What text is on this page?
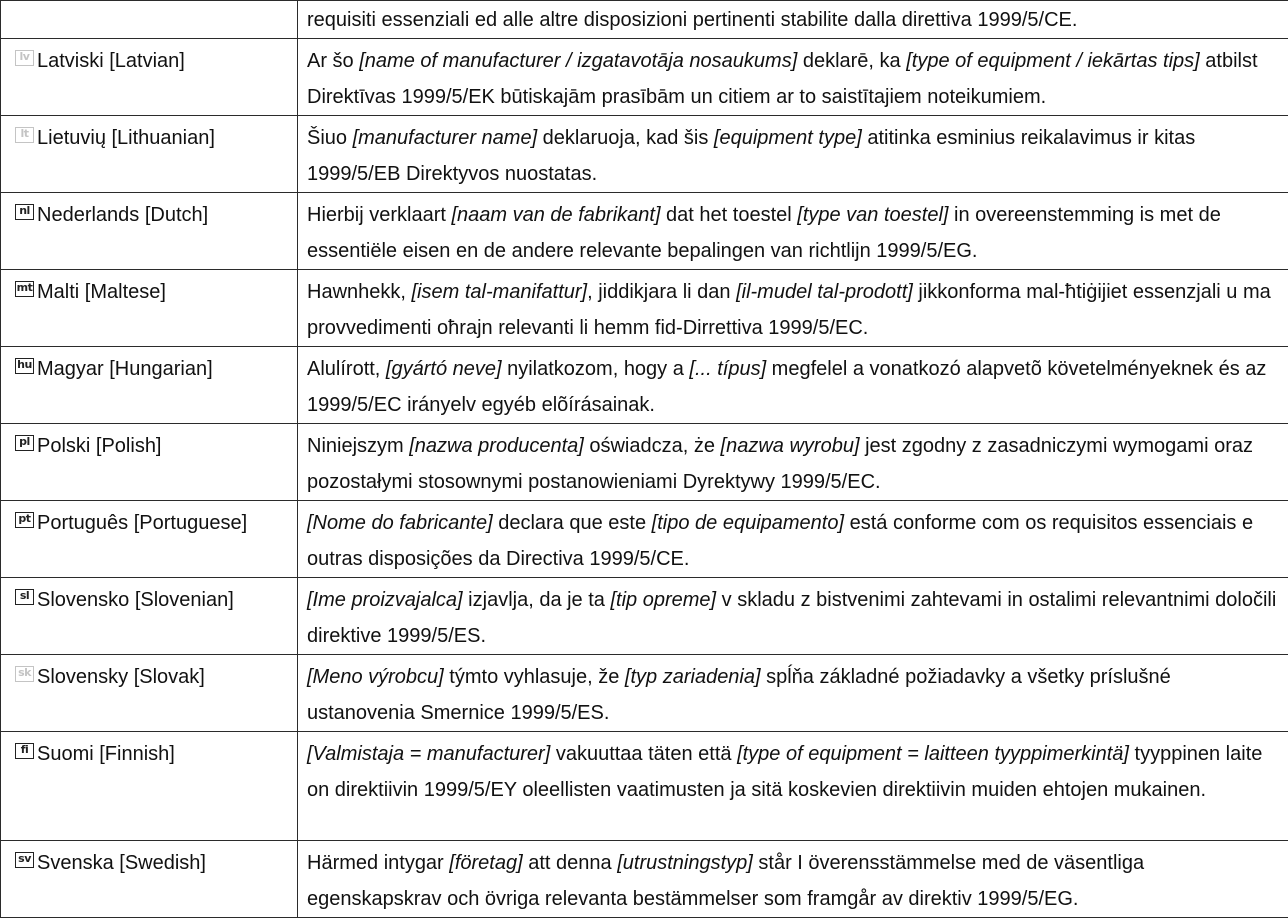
	requisiti essenziali ed alle altre disposizioni pertinenti stabilite dalla direttiva 1999/5/CE.
lv Latviski [Latvian]	Ar šo [name of manufacturer / izgatavotāja nosaukums] deklarē, ka [type of equipment / iekārtas tips] atbilst Direktīvas 1999/5/EK būtiskajām prasībām un citiem ar to saistītajiem noteikumiem.
lt Lietuvių [Lithuanian]	Šiuo [manufacturer name] deklaruoja, kad šis [equipment type] atitinka esminius reikalavimus ir kitas 1999/5/EB Direktyvos nuostatas.
nl Nederlands [Dutch]	Hierbij verklaart [naam van de fabrikant] dat het toestel [type van toestel] in overeenstemming is met de essentiële eisen en de andere relevante bepalingen van richtlijn 1999/5/EG.
mt Malti [Maltese]	Hawnhekk, [isem tal-manifattur], jiddikjara li dan [il-mudel tal-prodott] jikkonforma mal-ħtiġijiet essenzjali u ma provvedimenti oħrajn relevanti li hemm fid-Dirrettiva 1999/5/EC.
hu Magyar [Hungarian]	Alulírott, [gyártó neve] nyilatkozom, hogy a [... típus] megfelel a vonatkozó alapvetõ követelményeknek és az 1999/5/EC irányelv egyéb elõírásainak.
pl Polski [Polish]	Niniejszym [nazwa producenta] oświadcza, że [nazwa wyrobu] jest zgodny z zasadniczymi wymogami oraz pozostałymi stosownymi postanowieniami Dyrektywy 1999/5/EC.
pt Português [Portuguese]	[Nome do fabricante] declara que este [tipo de equipamento] está conforme com os requisitos essenciais e outras disposições da Directiva 1999/5/CE.
sl Slovensko [Slovenian]	[Ime proizvajalca] izjavlja, da je ta [tip opreme] v skladu z bistvenimi zahtevami in ostalimi relevantnimi določili direktive 1999/5/ES.
sk Slovensky [Slovak]	[Meno výrobcu] týmto vyhlasuje, že [typ zariadenia] spĺňa základné požiadavky a všetky príslušné ustanovenia Smernice 1999/5/ES.
fi Suomi [Finnish]	[Valmistaja = manufacturer] vakuuttaa täten että [type of equipment = laitteen tyyppimerkintä] tyyppinen laite on direktiivin 1999/5/EY oleellisten vaatimusten ja sitä koskevien direktiivin muiden ehtojen mukainen.
sv Svenska [Swedish]	Härmed intygar [företag] att denna [utrustningstyp] står I överensstämmelse med de väsentliga egenskapskrav och övriga relevanta bestämmelser som framgår av direktiv 1999/5/EG.
